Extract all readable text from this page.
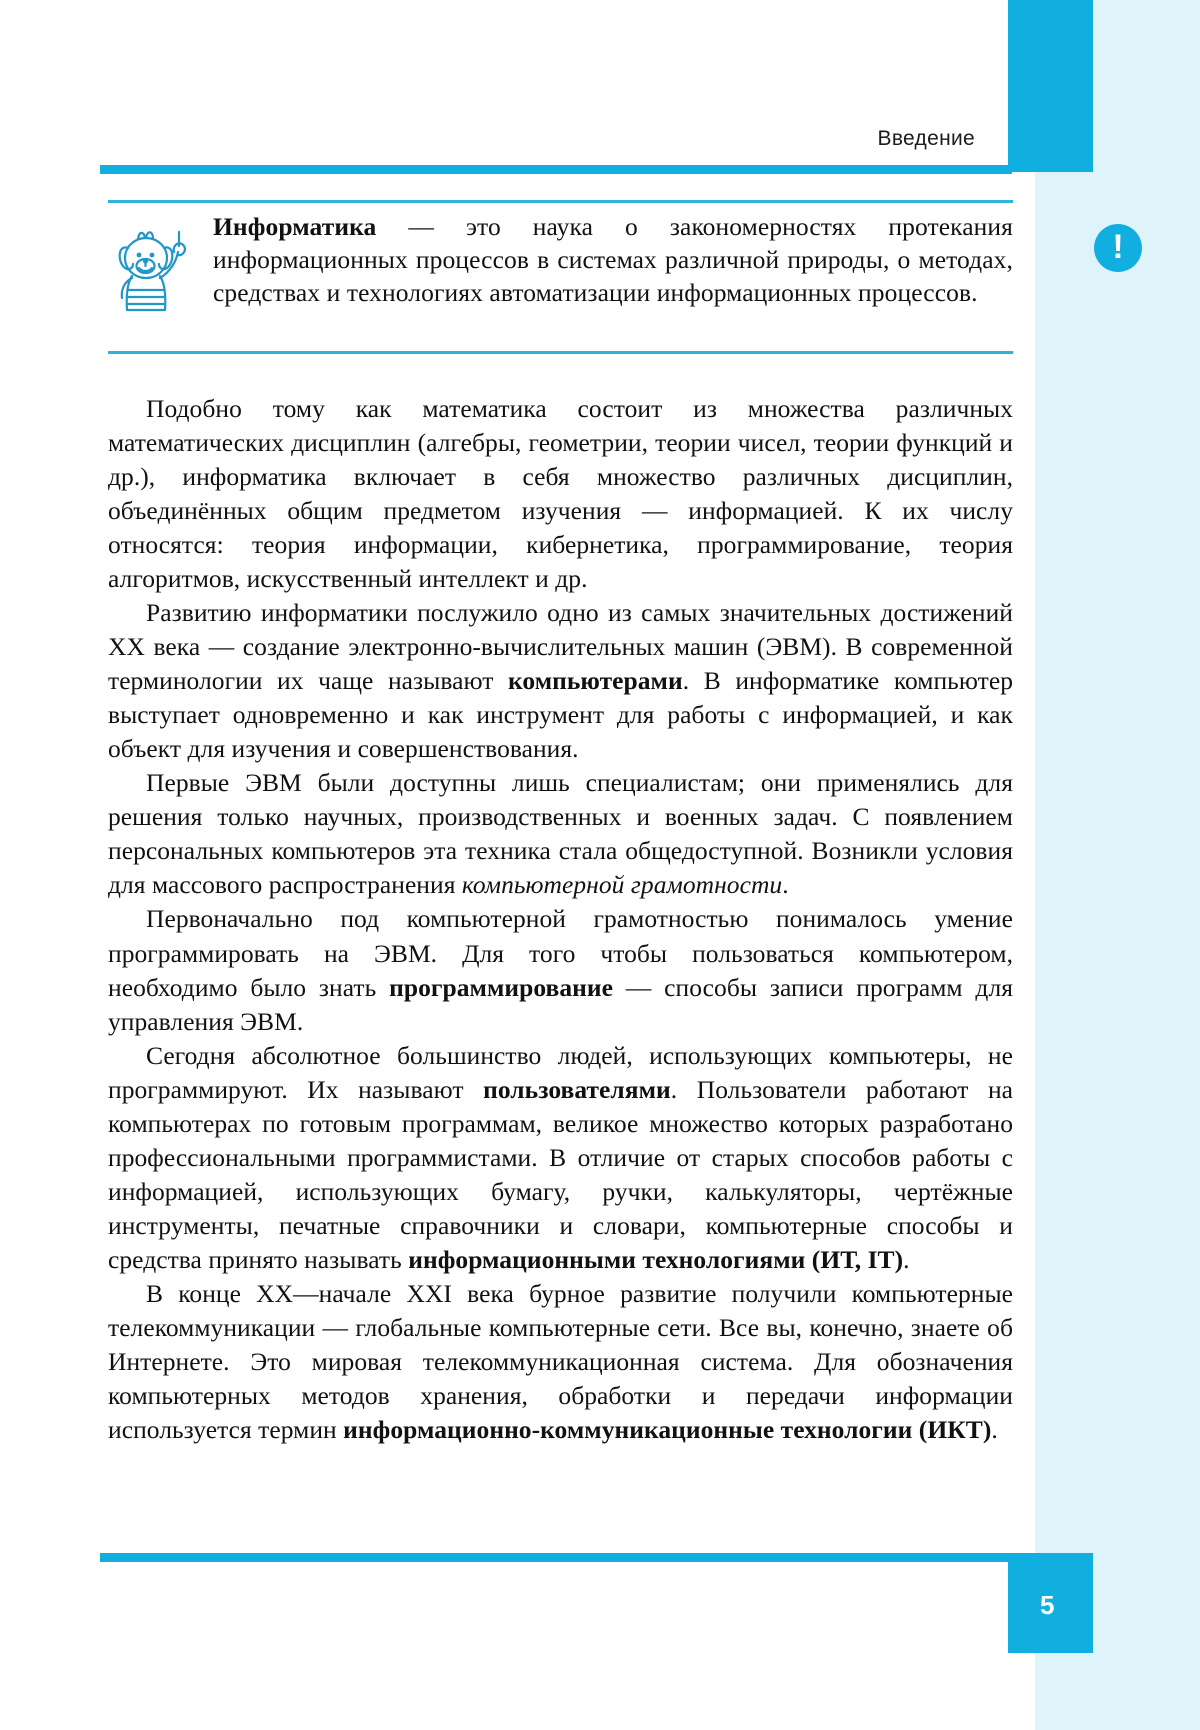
Введение
!
Информатика — это наука о закономерностях протекания информационных процессов в системах различной природы, о методах, средствах и технологиях автоматизации информационных процессов.

Подобно тому как математика состоит из множества различных математических дисциплин (алгебры, геометрии, теории чисел, теории функций и др.), информатика включает в себя множество различных дисциплин, объединённых общим предметом изучения — информацией. К их числу относятся: теория информации, кибернетика, программирование, теория алгоритмов, искусственный интеллект и др.

Развитию информатики послужило одно из самых значительных достижений XX века — создание электронно-вычислительных машин (ЭВМ). В современной терминологии их чаще называют компьютерами. В информатике компьютер выступает одновременно и как инструмент для работы с информацией, и как объект для изучения и совершенствования.

Первые ЭВМ были доступны лишь специалистам; они применялись для решения только научных, производственных и военных задач. С появлением персональных компьютеров эта техника стала общедоступной. Возникли условия для массового распространения компьютерной грамотности.

Первоначально под компьютерной грамотностью понималось умение программировать на ЭВМ. Для того чтобы пользоваться компьютером, необходимо было знать программирование — способы записи программ для управления ЭВМ.

Сегодня абсолютное большинство людей, использующих компьютеры, не программируют. Их называют пользователями. Пользователи работают на компьютерах по готовым программам, великое множество которых разработано профессиональными программистами. В отличие от старых способов работы с информацией, использующих бумагу, ручки, калькуляторы, чертёжные инструменты, печатные справочники и словари, компьютерные способы и средства принято называть информационными технологиями (ИТ, IT).

В конце XX—начале XXI века бурное развитие получили компьютерные телекоммуникации — глобальные компьютерные сети. Все вы, конечно, знаете об Интернете. Это мировая телекоммуникационная система. Для обозначения компьютерных методов хранения, обработки и передачи информации используется термин информационно-коммуникационные технологии (ИКТ).

5
